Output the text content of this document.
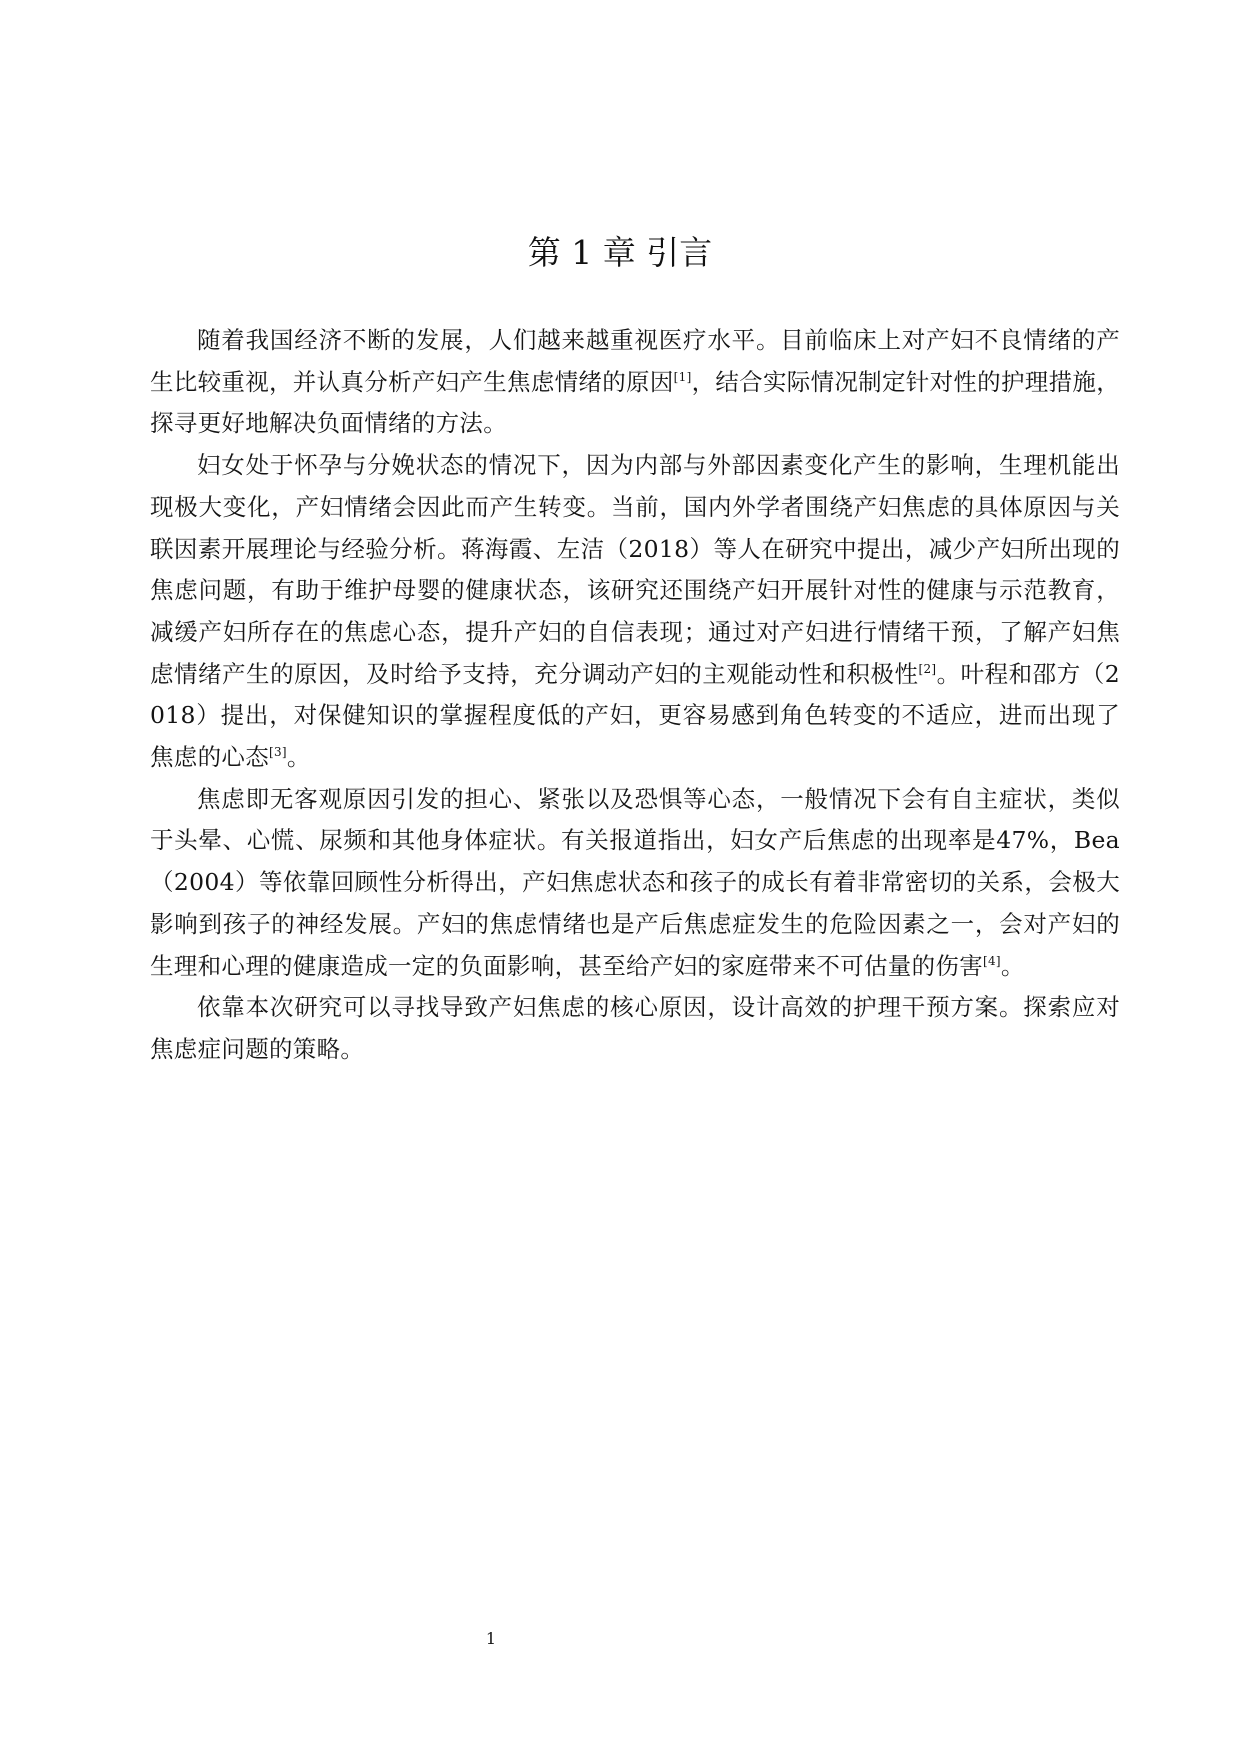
第 1 章 引言

随着我国经济不断的发展，人们越来越重视医疗水平。目前临床上对产妇不良情绪的产生比较重视，并认真分析产妇产生焦虑情绪的原因[1]，结合实际情况制定针对性的护理措施，探寻更好地解决负面情绪的方法。

妇女处于怀孕与分娩状态的情况下，因为内部与外部因素变化产生的影响，生理机能出现极大变化，产妇情绪会因此而产生转变。当前，国内外学者围绕产妇焦虑的具体原因与关联因素开展理论与经验分析。蒋海霞、左洁（2018）等人在研究中提出，减少产妇所出现的焦虑问题，有助于维护母婴的健康状态，该研究还围绕产妇开展针对性的健康与示范教育，减缓产妇所存在的焦虑心态，提升产妇的自信表现；通过对产妇进行情绪干预，了解产妇焦虑情绪产生的原因，及时给予支持，充分调动产妇的主观能动性和积极性[2]。叶程和邵方（2018）提出，对保健知识的掌握程度低的产妇，更容易感到角色转变的不适应，进而出现了焦虑的心态[3]。

焦虑即无客观原因引发的担心、紧张以及恐惧等心态，一般情况下会有自主症状，类似于头晕、心慌、尿频和其他身体症状。有关报道指出，妇女产后焦虑的出现率是47%，Bea（2004）等依靠回顾性分析得出，产妇焦虑状态和孩子的成长有着非常密切的关系，会极大影响到孩子的神经发展。产妇的焦虑情绪也是产后焦虑症发生的危险因素之一，会对产妇的生理和心理的健康造成一定的负面影响，甚至给产妇的家庭带来不可估量的伤害[4]。

依靠本次研究可以寻找导致产妇焦虑的核心原因，设计高效的护理干预方案。探索应对焦虑症问题的策略。

1
